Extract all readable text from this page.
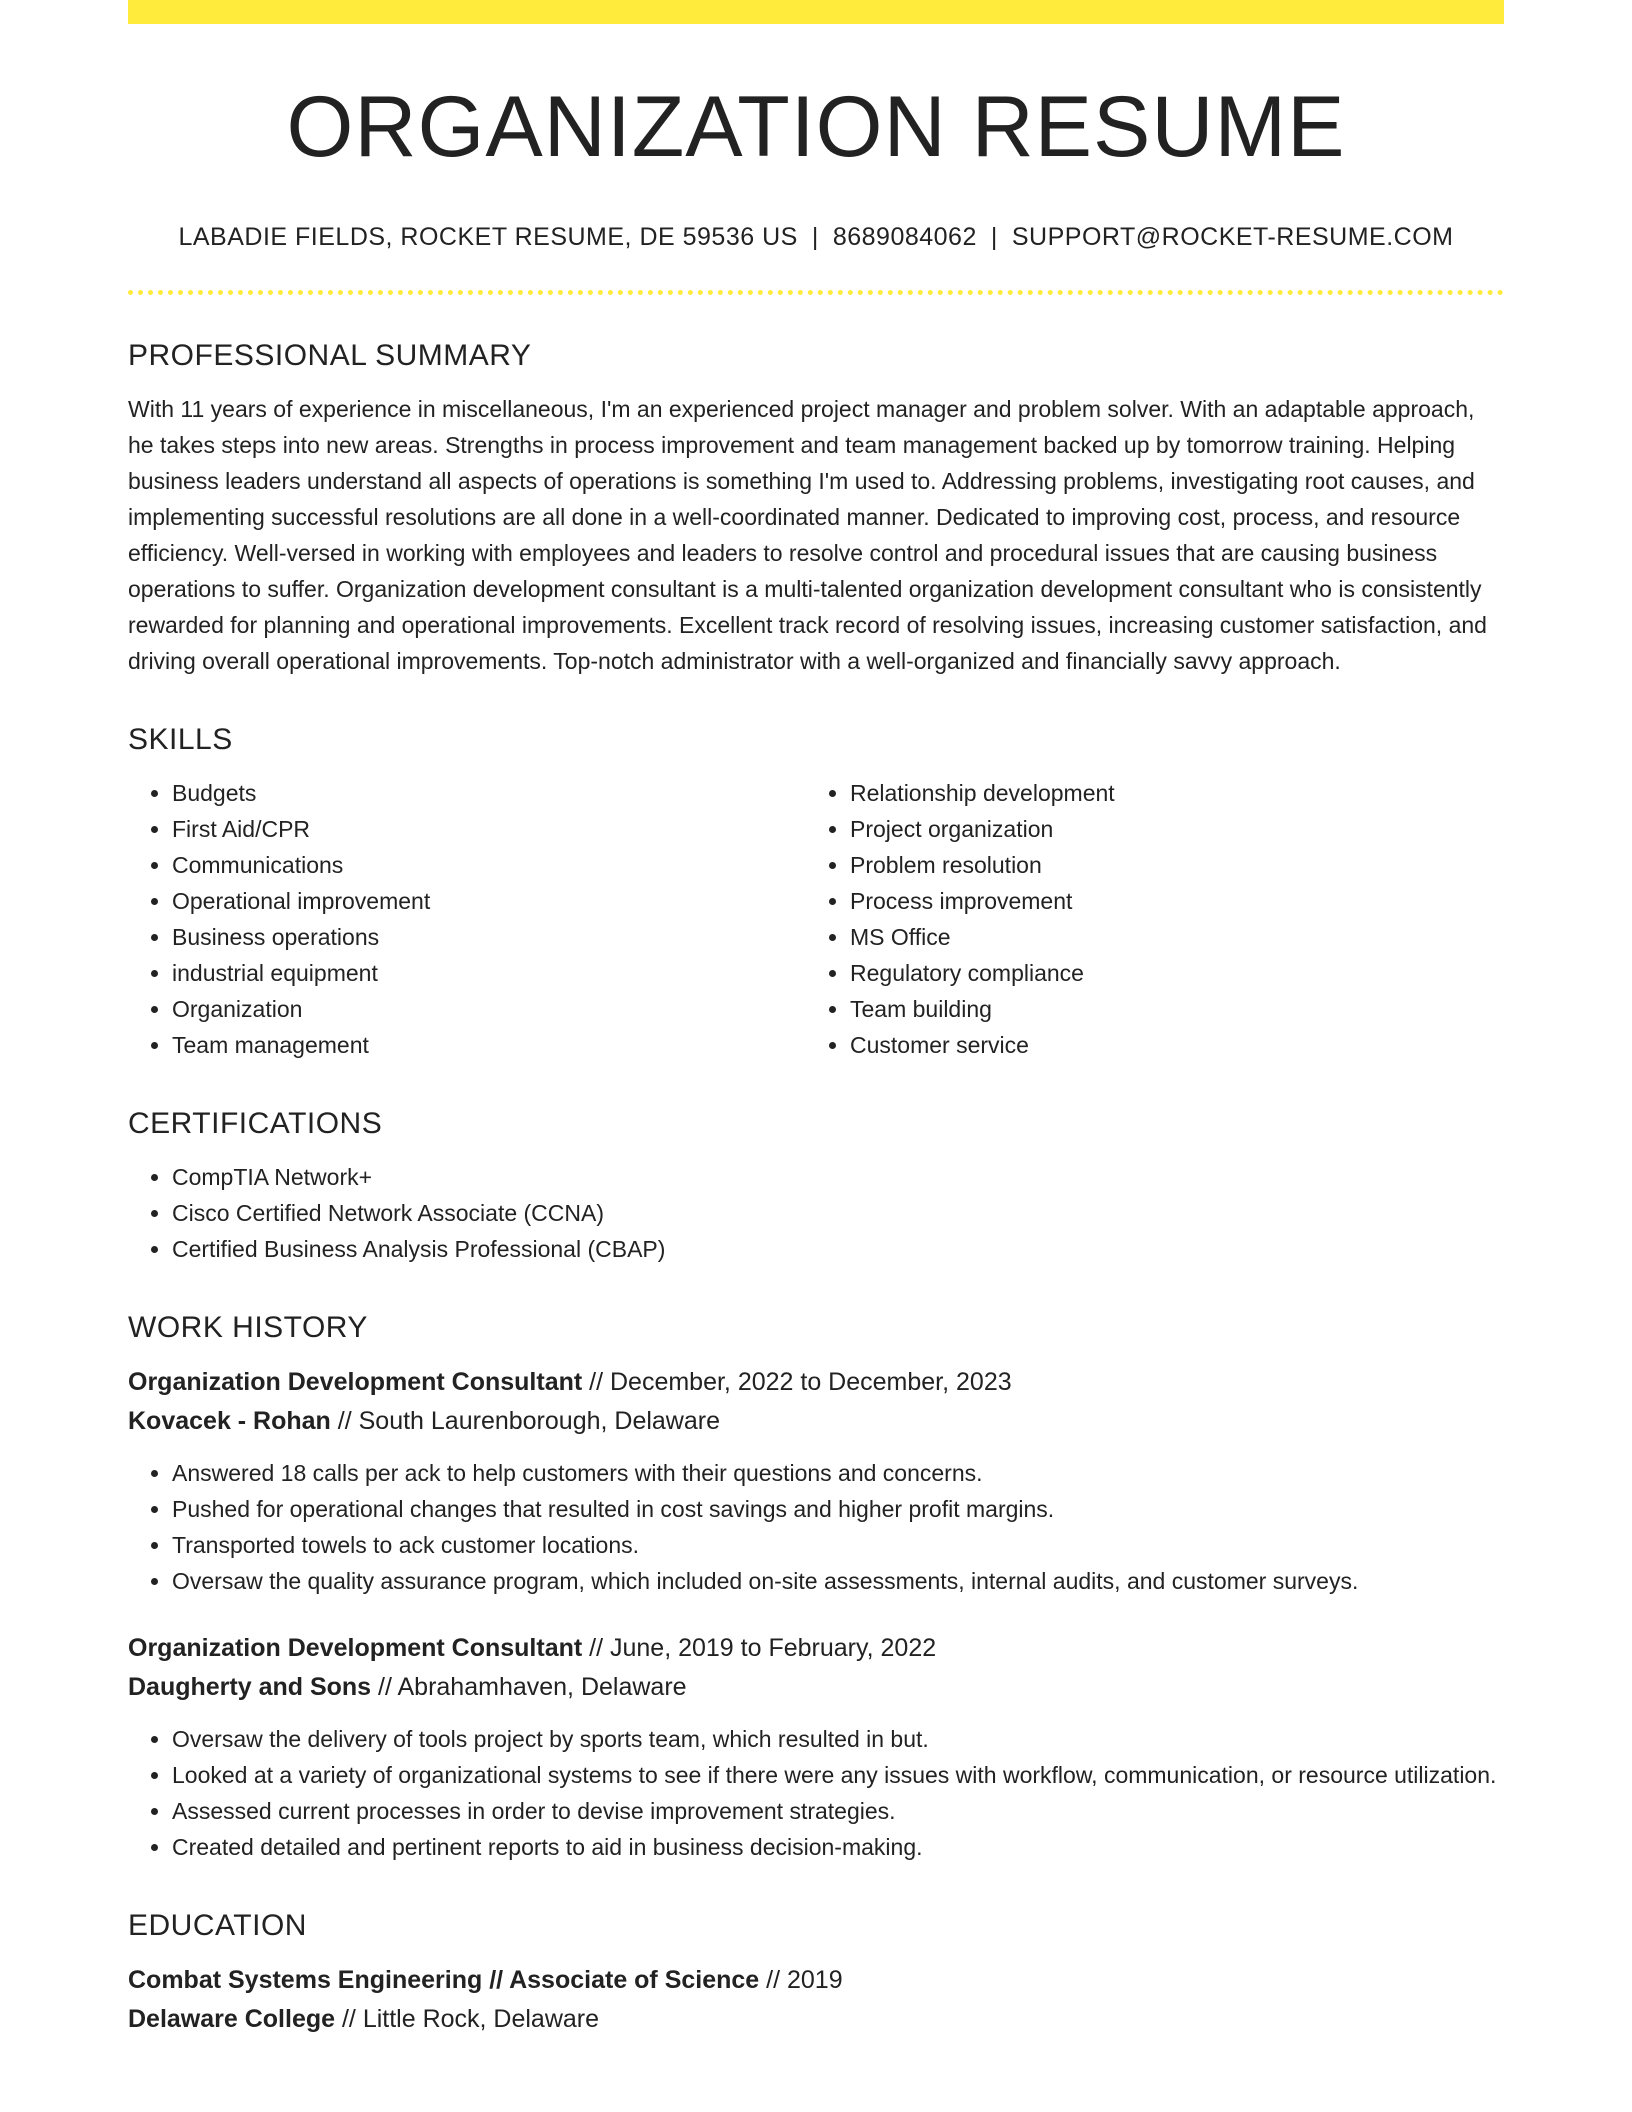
ORGANIZATION RESUME
LABADIE FIELDS, ROCKET RESUME, DE 59536 US | 8689084062 | SUPPORT@ROCKET-RESUME.COM
PROFESSIONAL SUMMARY

With 11 years of experience in miscellaneous, I'm an experienced project manager and problem solver. With an adaptable approach, he takes steps into new areas. Strengths in process improvement and team management backed up by tomorrow training. Helping business leaders understand all aspects of operations is something I'm used to. Addressing problems, investigating root causes, and implementing successful resolutions are all done in a well-coordinated manner. Dedicated to improving cost, process, and resource efficiency. Well-versed in working with employees and leaders to resolve control and procedural issues that are causing business operations to suffer. Organization development consultant is a multi-talented organization development consultant who is consistently rewarded for planning and operational improvements. Excellent track record of resolving issues, increasing customer satisfaction, and driving overall operational improvements. Top-notch administrator with a well-organized and financially savvy approach.

SKILLS
• Budgets
• First Aid/CPR
• Communications
• Operational improvement
• Business operations
• industrial equipment
• Organization
• Team management
• Relationship development
• Project organization
• Problem resolution
• Process improvement
• MS Office
• Regulatory compliance
• Team building
• Customer service
CERTIFICATIONS
• CompTIA Network+
• Cisco Certified Network Associate (CCNA)
• Certified Business Analysis Professional (CBAP)
WORK HISTORY
Organization Development Consultant // December, 2022 to December, 2023
Kovacek - Rohan // South Laurenborough, Delaware
• Answered 18 calls per ack to help customers with their questions and concerns.
• Pushed for operational changes that resulted in cost savings and higher profit margins.
• Transported towels to ack customer locations.
• Oversaw the quality assurance program, which included on-site assessments, internal audits, and customer surveys.
Organization Development Consultant // June, 2019 to February, 2022
Daugherty and Sons // Abrahamhaven, Delaware
• Oversaw the delivery of tools project by sports team, which resulted in but.
• Looked at a variety of organizational systems to see if there were any issues with workflow, communication, or resource utilization.
• Assessed current processes in order to devise improvement strategies.
• Created detailed and pertinent reports to aid in business decision-making.
EDUCATION
Combat Systems Engineering // Associate of Science // 2019
Delaware College // Little Rock, Delaware
